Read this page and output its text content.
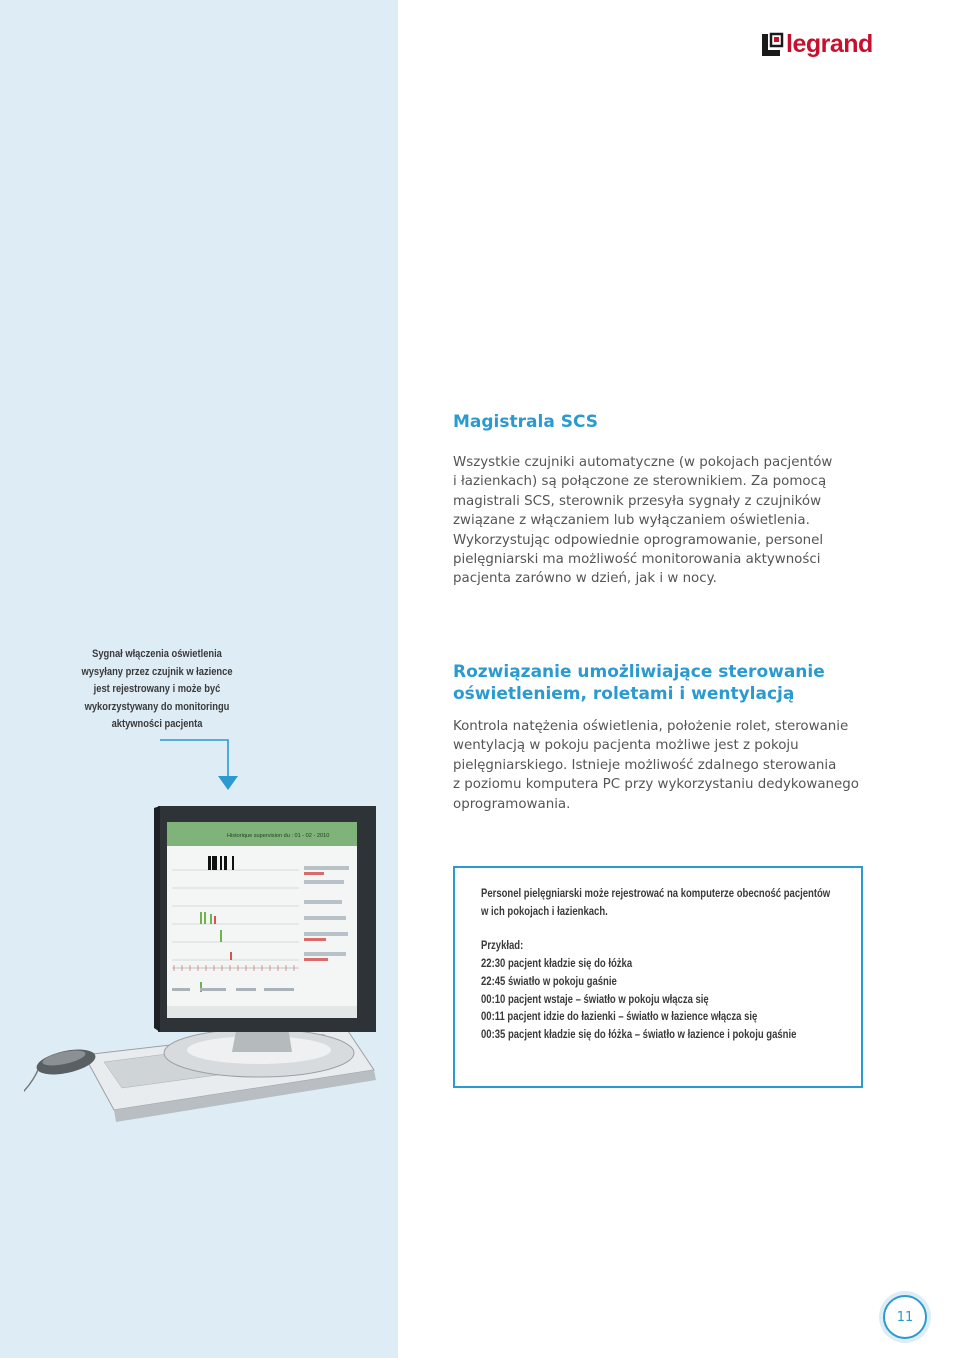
legrand
Magistrala SCS
Wszystkie czujniki automatyczne (w pokojach pacjentów
i łazienkach) są połączone ze sterownikiem. Za pomocą
magistrali SCS, sterownik przesyła sygnały z czujników
związane z włączaniem lub wyłączaniem oświetlenia.
Wykorzystując odpowiednie oprogramowanie, personel
pielęgniarski ma możliwość monitorowania aktywności
pacjenta zarówno w dzień, jak i w nocy.
Sygnał włączenia oświetlenia
wysyłany przez czujnik w łazience
jest rejestrowany i może być
wykorzystywany do monitoringu
aktywności pacjenta
Rozwiązanie umożliwiające sterowanie
oświetleniem, roletami i wentylacją
Kontrola natężenia oświetlenia, położenie rolet, sterowanie
wentylacją w pokoju pacjenta możliwe jest z pokoju
pielęgniarskiego. Istnieje możliwość zdalnego sterowania
z poziomu komputera PC przy wykorzystaniu dedykowanego
oprogramowania.
Historique supervision du : 01 - 02 - 2010

Personel pielęgniarski może rejestrować na komputerze obecność pacjentów

w ich pokojach i łazienkach.

Przykład:

22:30 pacjent kładzie się do łóżka

22:45 światło w pokoju gaśnie

00:10 pacjent wstaje – światło w pokoju włącza się

00:11 pacjent idzie do łazienki – światło w łazience włącza się

00:35 pacjent kładzie się do łóżka – światło w łazience i pokoju gaśnie

11
